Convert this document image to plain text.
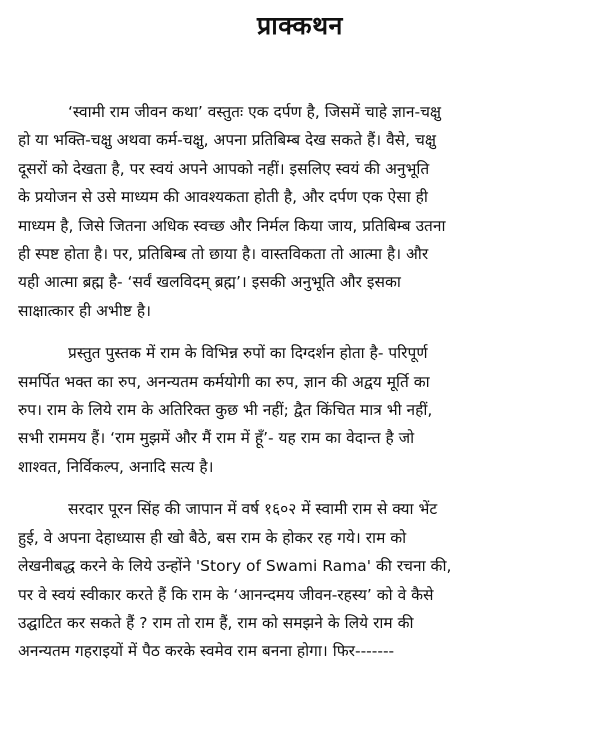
प्राक्कथन
‘स्वामी राम जीवन कथा’ वस्तुतः एक दर्पण है, जिसमें चाहे ज्ञान-चक्षु
हो या भक्ति-चक्षु अथवा कर्म-चक्षु, अपना प्रतिबिम्ब देख सकते हैं। वैसे, चक्षु
दूसरों को देखता है, पर स्वयं अपने आपको नहीं। इसलिए स्वयं की अनुभूति
के प्रयोजन से उसे माध्यम की आवश्यकता होती है, और दर्पण एक ऐसा ही
माध्यम है, जिसे जितना अधिक स्वच्छ और निर्मल किया जाय, प्रतिबिम्ब उतना
ही स्पष्ट होता है। पर, प्रतिबिम्ब तो छाया है। वास्तविकता तो आत्मा है। और
यही आत्मा ब्रह्म है- ‘सर्वं खलविदम् ब्रह्म’। इसकी अनुभूति और इसका
साक्षात्कार ही अभीष्ट है।
प्रस्तुत पुस्तक में राम के विभिन्न रुपों का दिग्दर्शन होता है- परिपूर्ण
समर्पित भक्त का रुप, अनन्यतम कर्मयोगी का रुप, ज्ञान की अद्वय मूर्ति का
रुप। राम के लिये राम के अतिरिक्त कुछ भी नहीं; द्वैत किंचित मात्र भी नहीं,
सभी राममय हैं। ‘राम मुझमें और मैं राम में हूँ’- यह राम का वेदान्त है जो
शाश्वत, निर्विकल्प, अनादि सत्य है।
सरदार पूरन सिंह की जापान में वर्ष १६०२ में स्वामी राम से क्या भेंट
हुई, वे अपना देहाध्यास ही खो बैठे, बस राम के होकर रह गये। राम को
लेखनीबद्ध करने के लिये उन्होंने 'Story of Swami Rama' की रचना की,
पर वे स्वयं स्वीकार करते हैं कि राम के ‘आनन्दमय जीवन-रहस्य’ को वे कैसे
उद्घाटित कर सकते हैं ? राम तो राम हैं, राम को समझने के लिये राम की
अनन्यतम गहराइयों में पैठ करके स्वमेव राम बनना होगा। फिर-------
